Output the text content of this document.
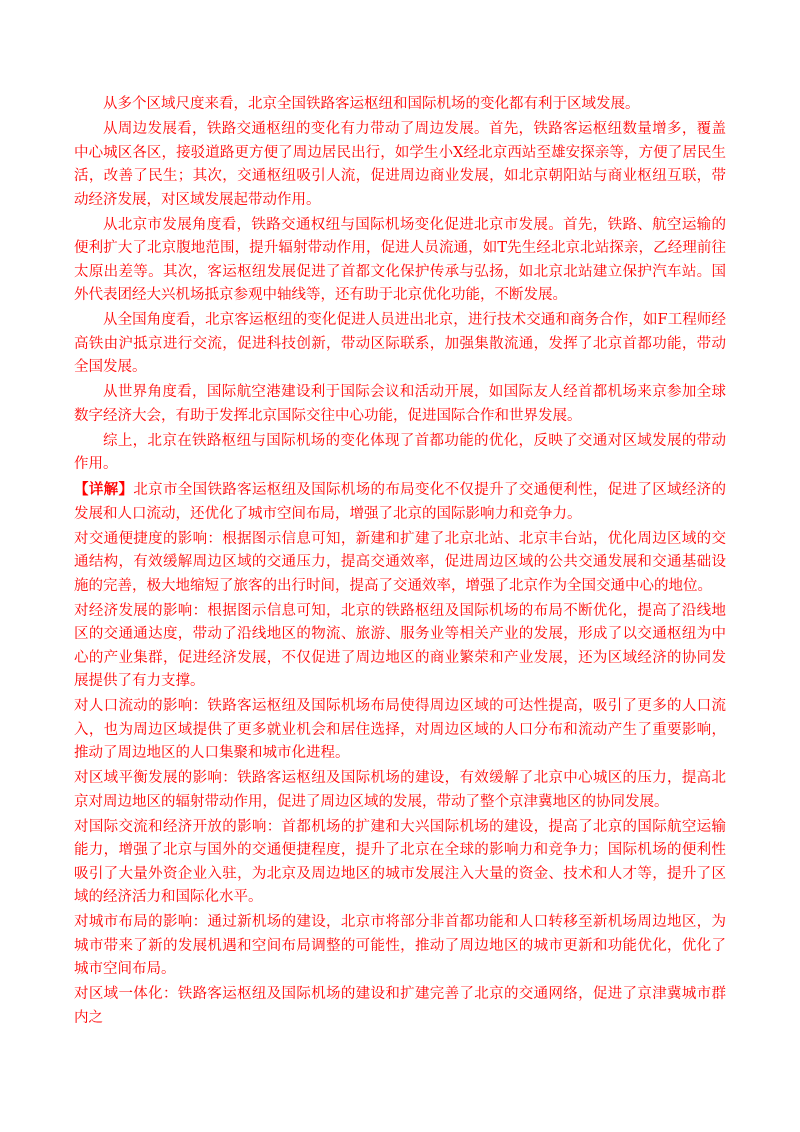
从多个区域尺度来看，北京全国铁路客运枢纽和国际机场的变化都有利于区域发展。

从周边发展看，铁路交通枢纽的变化有力带动了周边发展。首先，铁路客运枢纽数量增多，覆盖中心城区各区，接驳道路更方便了周边居民出行，如学生小X经北京西站至雄安探亲等，方便了居民生活，改善了民生；其次，交通枢纽吸引人流，促进周边商业发展，如北京朝阳站与商业枢纽互联，带动经济发展，对区域发展起带动作用。

从北京市发展角度看，铁路交通权纽与国际机场变化促进北京市发展。首先，铁路、航空运输的便利扩大了北京腹地范围，提升辐射带动作用，促进人员流通，如T先生经北京北站探亲，乙经理前往太原出差等。其次，客运枢纽发展促进了首都文化保护传承与弘扬，如北京北站建立保护汽车站。国外代表团经大兴机场抵京参观中轴线等，还有助于北京优化功能，不断发展。

从全国角度看，北京客运枢纽的变化促进人员进出北京，进行技术交通和商务合作，如F工程师经高铁由沪抵京进行交流，促进科技创新，带动区际联系，加强集散流通，发挥了北京首都功能，带动全国发展。

从世界角度看，国际航空港建设利于国际会议和活动开展，如国际友人经首都机场来京参加全球数字经济大会，有助于发挥北京国际交往中心功能，促进国际合作和世界发展。

综上，北京在铁路枢纽与国际机场的变化体现了首都功能的优化，反映了交通对区域发展的带动作用。

【详解】北京市全国铁路客运枢纽及国际机场的布局变化不仅提升了交通便利性，促进了区域经济的发展和人口流动，还优化了城市空间布局，增强了北京的国际影响力和竞争力。

对交通便捷度的影响：根据图示信息可知，新建和扩建了北京北站、北京丰台站，优化周边区域的交通结构，有效缓解周边区域的交通压力，提高交通效率，促进周边区域的公共交通发展和交通基础设施的完善，极大地缩短了旅客的出行时间，提高了交通效率，增强了北京作为全国交通中心的地位。

对经济发展的影响：根据图示信息可知，北京的铁路枢纽及国际机场的布局不断优化，提高了沿线地区的交通通达度，带动了沿线地区的物流、旅游、服务业等相关产业的发展，形成了以交通枢纽为中心的产业集群，促进经济发展，不仅促进了周边地区的商业繁荣和产业发展，还为区域经济的协同发展提供了有力支撑。

对人口流动的影响：铁路客运枢纽及国际机场布局使得周边区域的可达性提高，吸引了更多的人口流入，也为周边区域提供了更多就业机会和居住选择，对周边区域的人口分布和流动产生了重要影响，推动了周边地区的人口集聚和城市化进程。

对区域平衡发展的影响：铁路客运枢纽及国际机场的建设，有效缓解了北京中心城区的压力，提高北京对周边地区的辐射带动作用，促进了周边区域的发展，带动了整个京津冀地区的协同发展。

对国际交流和经济开放的影响：首都机场的扩建和大兴国际机场的建设，提高了北京的国际航空运输能力，增强了北京与国外的交通便捷程度，提升了北京在全球的影响力和竞争力；国际机场的便利性吸引了大量外资企业入驻，为北京及周边地区的城市发展注入大量的资金、技术和人才等，提升了区域的经济活力和国际化水平。

对城市布局的影响：通过新机场的建设，北京市将部分非首都功能和人口转移至新机场周边地区，为城市带来了新的发展机遇和空间布局调整的可能性，推动了周边地区的城市更新和功能优化，优化了城市空间布局。

对区域一体化：铁路客运枢纽及国际机场的建设和扩建完善了北京的交通网络，促进了京津冀城市群内之
